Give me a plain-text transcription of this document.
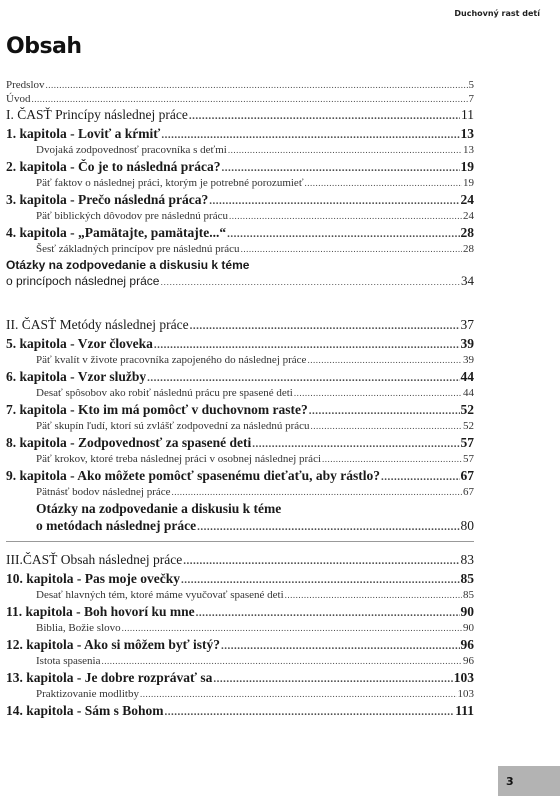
Duchovný rast detí
Obsah
Predslov .....	5
Úvod .....	7
I. ČASŤ Princípy následnej práce .....	11
1. kapitola - Loviť a kŕmiť .....	13
Dvojaká zodpovednosť pracovníka s deťmi .....	13
2. kapitola - Čo je to následná práca? .....	19
Päť faktov o následnej práci, ktorým je potrebné porozumieť .....	19
3. kapitola - Prečo následná práca? .....	24
Päť biblických dôvodov pre následnú prácu .....	24
4. kapitola - „Pamätajte, pamätajte...“ .....	28
Šesť základných princípov pre následnú prácu .....	28
Otázky na zodpovedanie a diskusiu k téme
o princípoch následnej práce .....	34
II. ČASŤ Metódy následnej práce .....	37
5. kapitola - Vzor človeka .....	39
Päť kvalít v živote pracovníka zapojeného do následnej práce .....	39
6. kapitola - Vzor služby .....	44
Desať spôsobov ako robiť následnú prácu pre spasené deti .....	44
7. kapitola - Kto im má pomôcť v duchovnom raste? .....	52
Päť skupín ľudí, ktorí sú zvlášť zodpovední za následnú prácu .....	52
8. kapitola - Zodpovednosť za spasené deti .....	57
Päť krokov, ktoré treba následnej práci v osobnej následnej práci .....	57
9. kapitola - Ako môžete pomôcť spasenému dieťaťu, aby rástlo? .....	67
Pätnásť bodov následnej práce .....	67
Otázky na zodpovedanie a diskusiu k téme
o metódach následnej práce .....	80
III.ČASŤ Obsah následnej práce .....	83
10. kapitola - Pas moje ovečky .....	85
Desať hlavných tém, ktoré máme vyučovať spasené deti .....	85
11. kapitola - Boh hovorí ku mne .....	90
Biblia, Božie slovo .....	90
12. kapitola - Ako si môžem byť istý? .....	96
Istota spasenia .....	96
13. kapitola - Je dobre rozprávať sa .....	103
Praktizovanie modlitby .....	103
14. kapitola - Sám s Bohom .....	111
3
